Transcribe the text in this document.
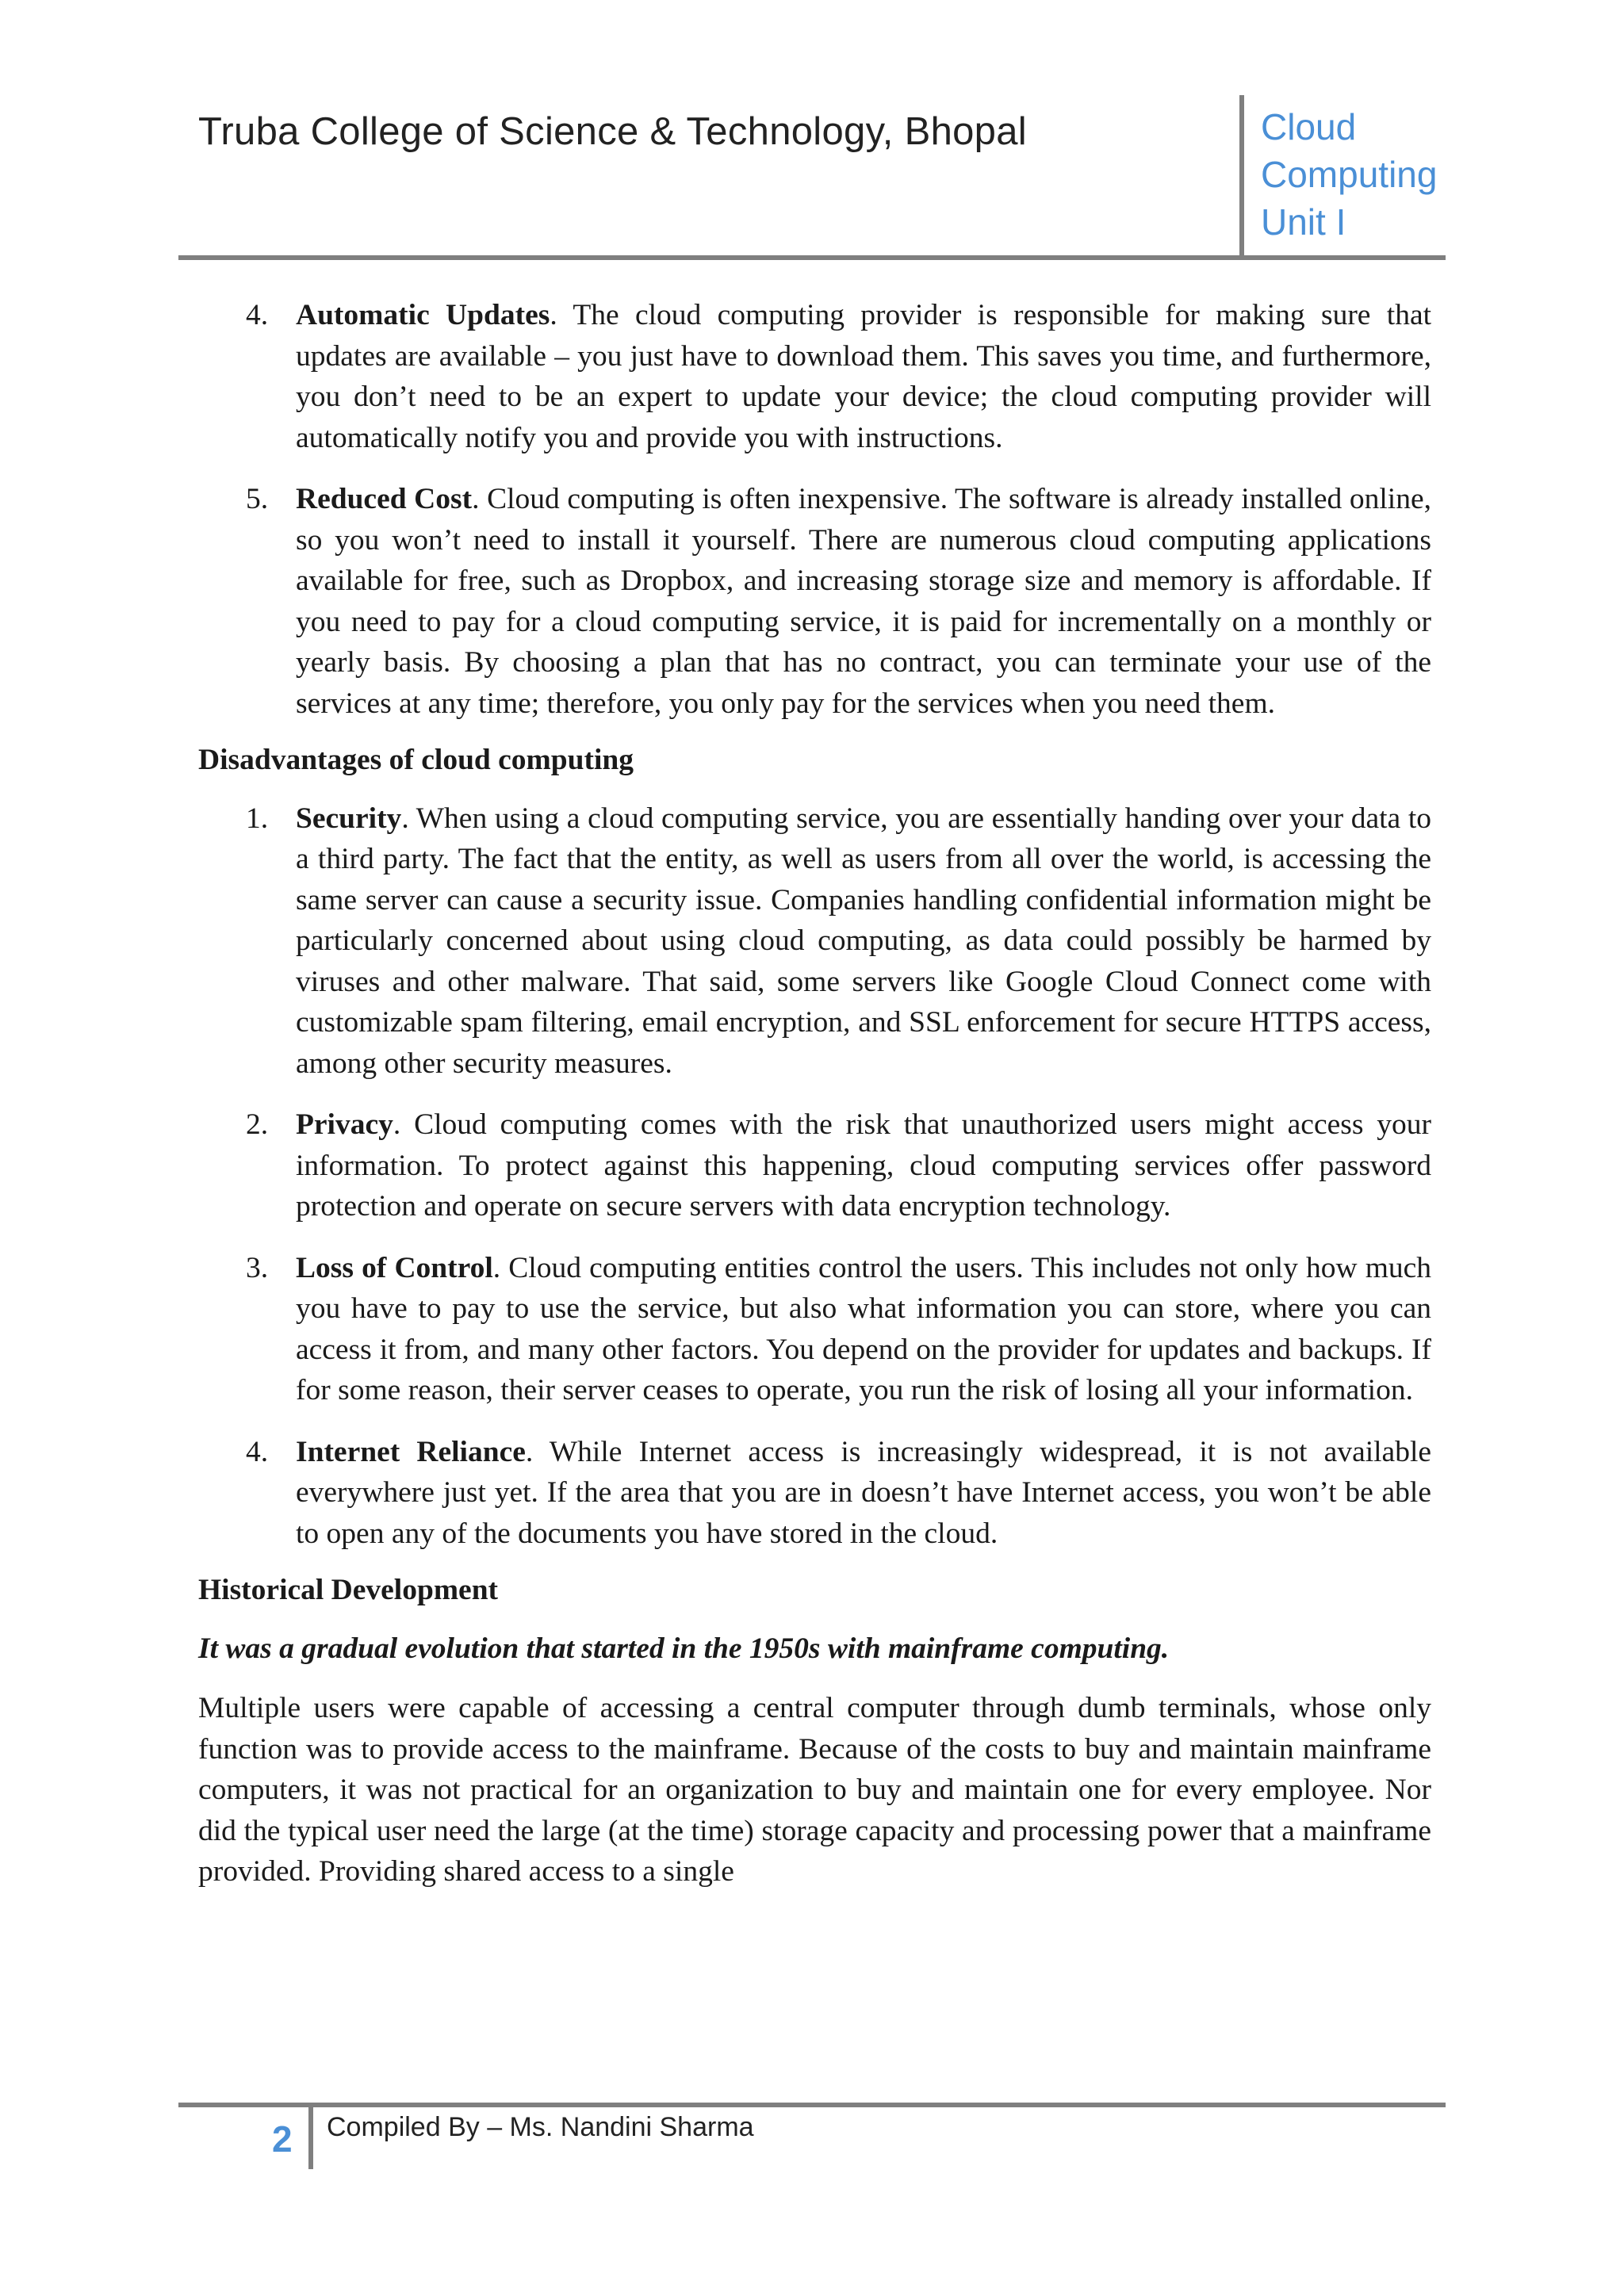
Truba College of Science & Technology, Bhopal	Cloud
Computing
Unit I
4. Automatic Updates. The cloud computing provider is responsible for making sure that updates are available – you just have to download them. This saves you time, and furthermore, you don’t need to be an expert to update your device; the cloud computing provider will automatically notify you and provide you with instructions.
5. Reduced Cost. Cloud computing is often inexpensive. The software is already installed online, so you won’t need to install it yourself. There are numerous cloud computing applications available for free, such as Dropbox, and increasing storage size and memory is affordable. If you need to pay for a cloud computing service, it is paid for incrementally on a monthly or yearly basis. By choosing a plan that has no contract, you can terminate your use of the services at any time; therefore, you only pay for the services when you need them.

Disadvantages of cloud computing

1. Security. When using a cloud computing service, you are essentially handing over your data to a third party. The fact that the entity, as well as users from all over the world, is accessing the same server can cause a security issue. Companies handling confidential information might be particularly concerned about using cloud computing, as data could possibly be harmed by viruses and other malware. That said, some servers like Google Cloud Connect come with customizable spam filtering, email encryption, and SSL enforcement for secure HTTPS access, among other security measures.
2. Privacy. Cloud computing comes with the risk that unauthorized users might access your information. To protect against this happening, cloud computing services offer password protection and operate on secure servers with data encryption technology.
3. Loss of Control. Cloud computing entities control the users. This includes not only how much you have to pay to use the service, but also what information you can store, where you can access it from, and many other factors. You depend on the provider for updates and backups. If for some reason, their server ceases to operate, you run the risk of losing all your information.
4. Internet Reliance. While Internet access is increasingly widespread, it is not available everywhere just yet. If the area that you are in doesn’t have Internet access, you won’t be able to open any of the documents you have stored in the cloud.

Historical Development

It was a gradual evolution that started in the 1950s with mainframe computing.

Multiple users were capable of accessing a central computer through dumb terminals, whose only function was to provide access to the mainframe. Because of the costs to buy and maintain mainframe computers, it was not practical for an organization to buy and maintain one for every employee. Nor did the typical user need the large (at the time) storage capacity and processing power that a mainframe provided. Providing shared access to a single

2 Compiled By – Ms. Nandini Sharma
